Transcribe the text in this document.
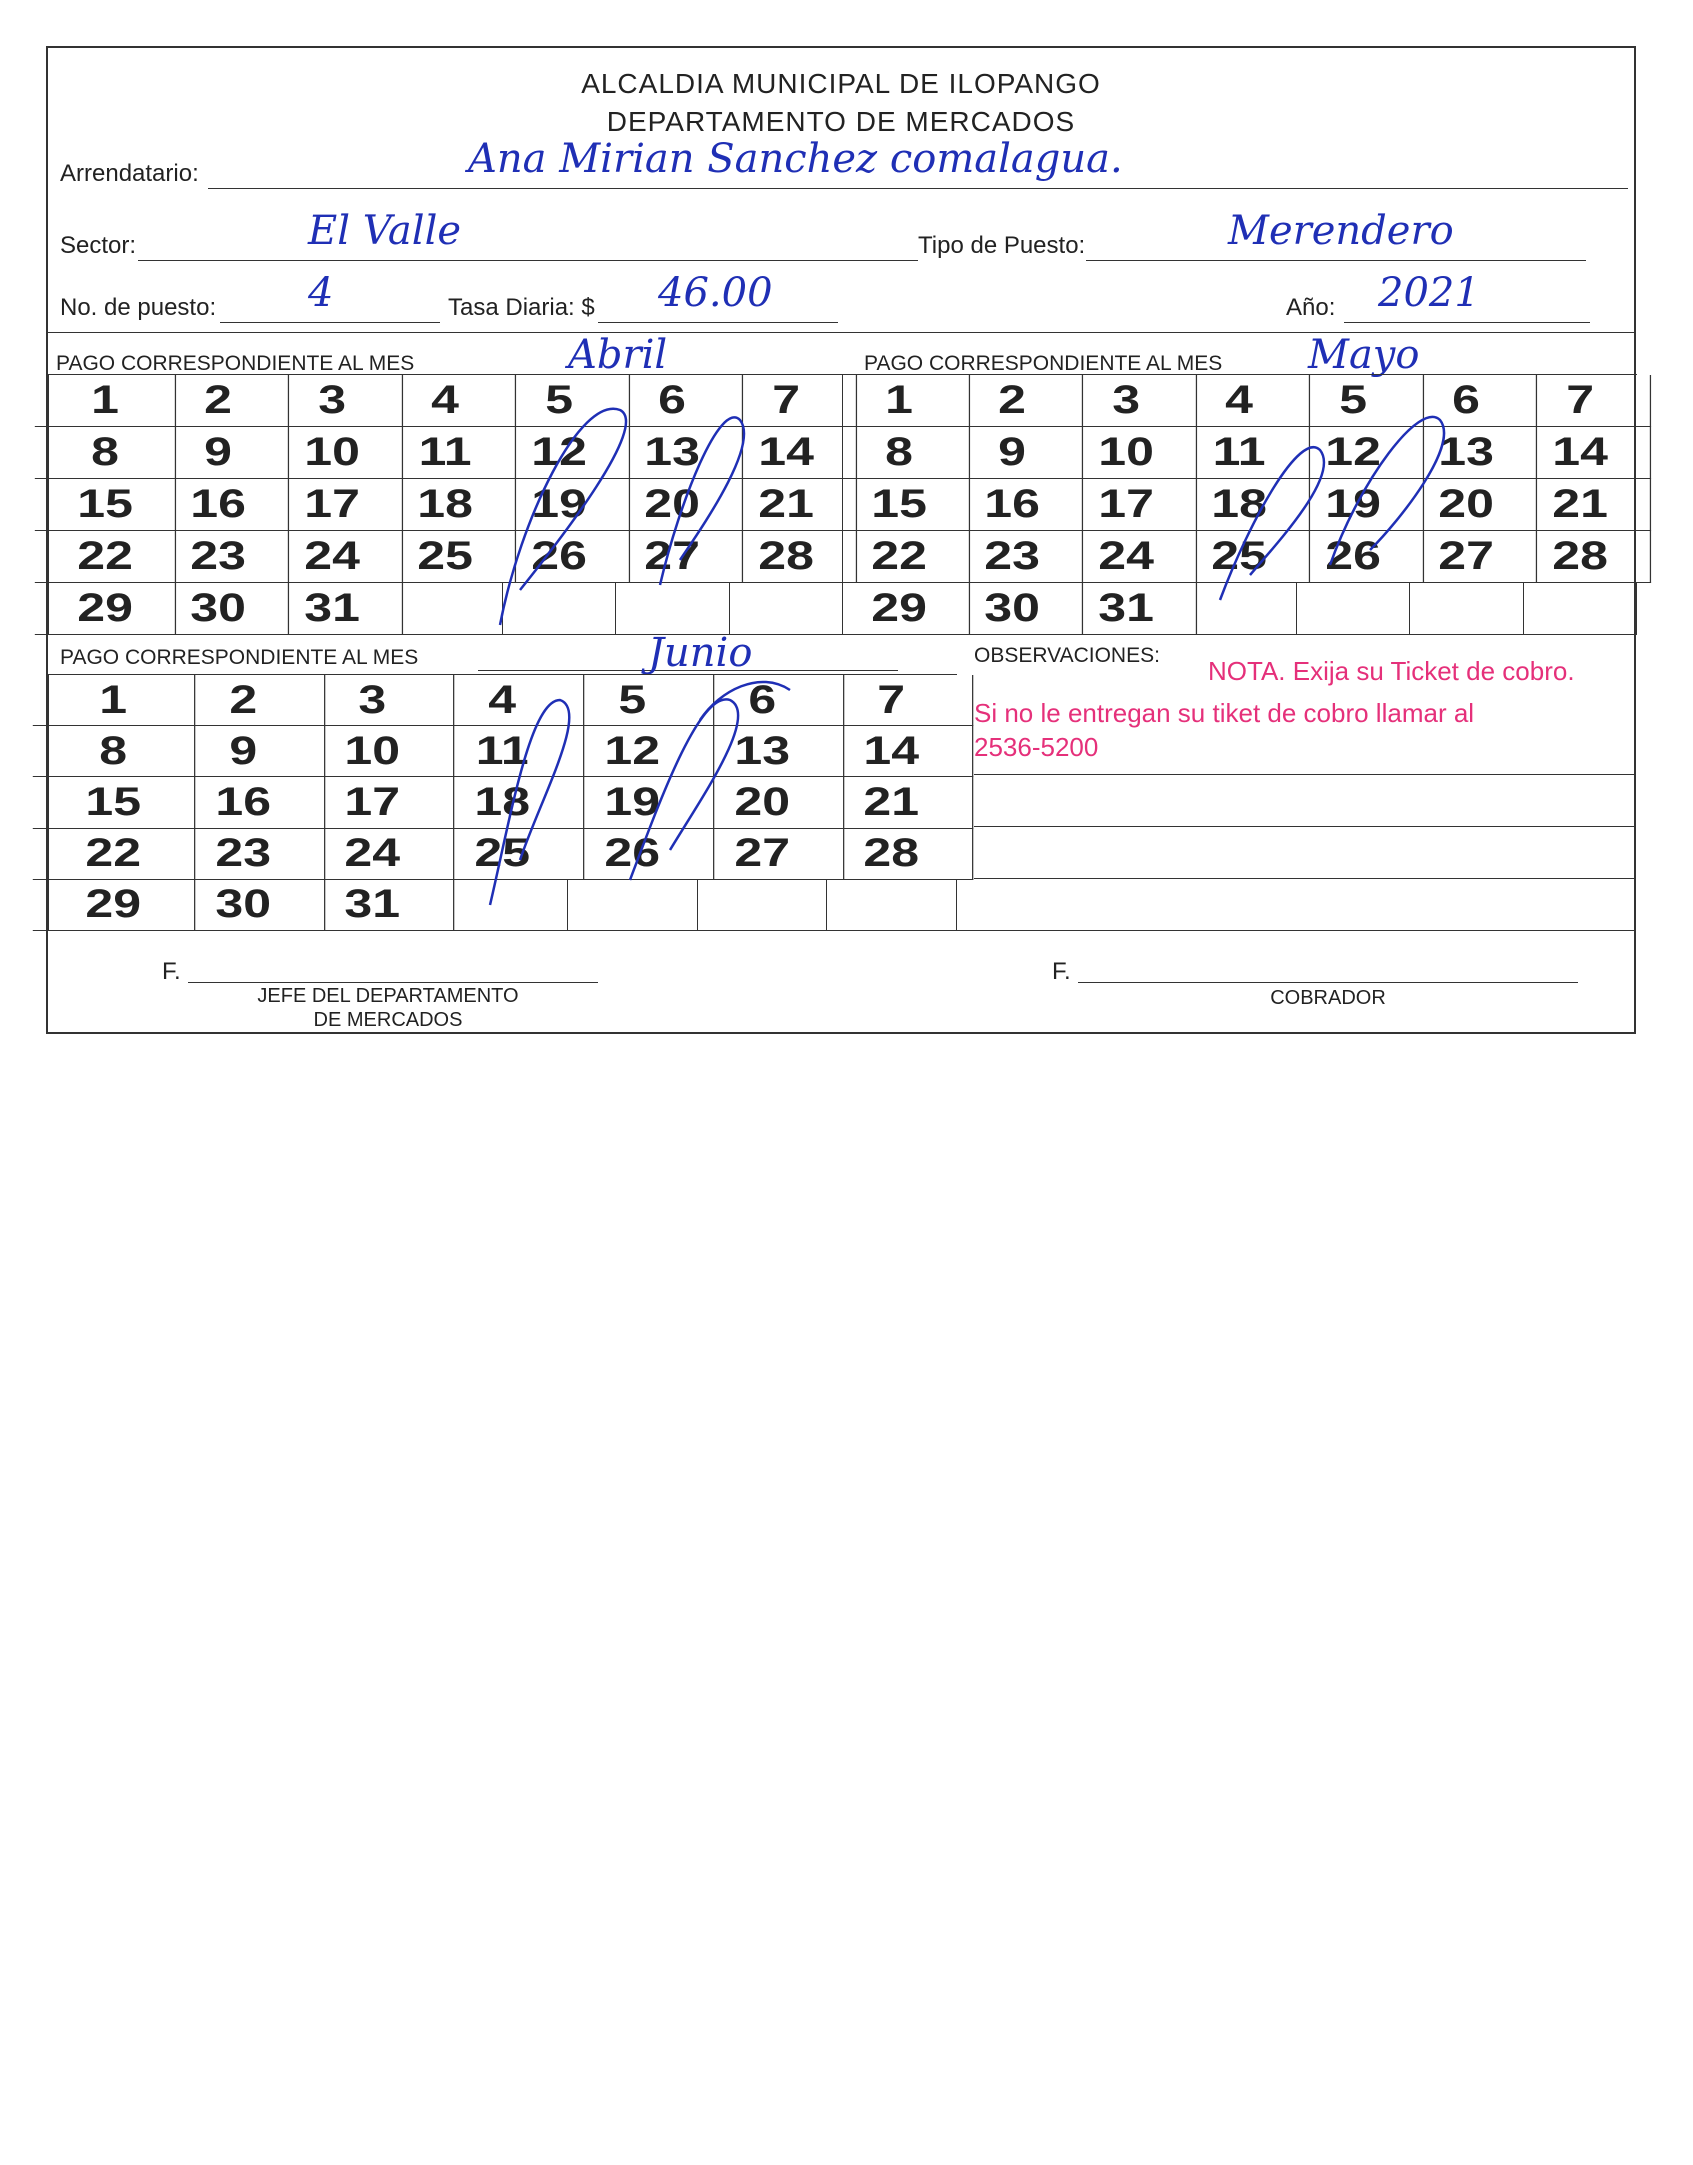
ALCALDIA MUNICIPAL DE ILOPANGO
DEPARTAMENTO DE MERCADOS
Arrendatario:	Ana Mirian Sanchez comalagua.
Sector:	El Valle	Tipo de Puesto:	Merendero
No. de puesto: 4	Tasa Diaria: $ 46.00	Año: 2021
PAGO CORRESPONDIENTE AL MES	Abril	PAGO CORRESPONDIENTE AL MES Mayo
1	2	3	4	5	6	7
8	9	10	11	12	13	14
15	16	17	18	19	20	21
22	23	24	25	26	27	28
29	30	31
1	2	3	4	5	6	7
8	9	10	11	12	13	14
15	16	17	18	19	20	21
22	23	24	25	26	27	28
29	30	31
PAGO CORRESPONDIENTE AL MES	Junio
1	2	3	4	5	6	7
8	9	10	11	12	13	14
15	16	17	18	19	20	21
22	23	24	25	26	27	28
29	30	31
OBSERVACIONES:
NOTA. Exija su Ticket de cobro.
Si no le entregan su tiket de cobro llamar al
2536-5200
F.
JEFE DEL DEPARTAMENTO
DE MERCADOS
F.
COBRADOR
